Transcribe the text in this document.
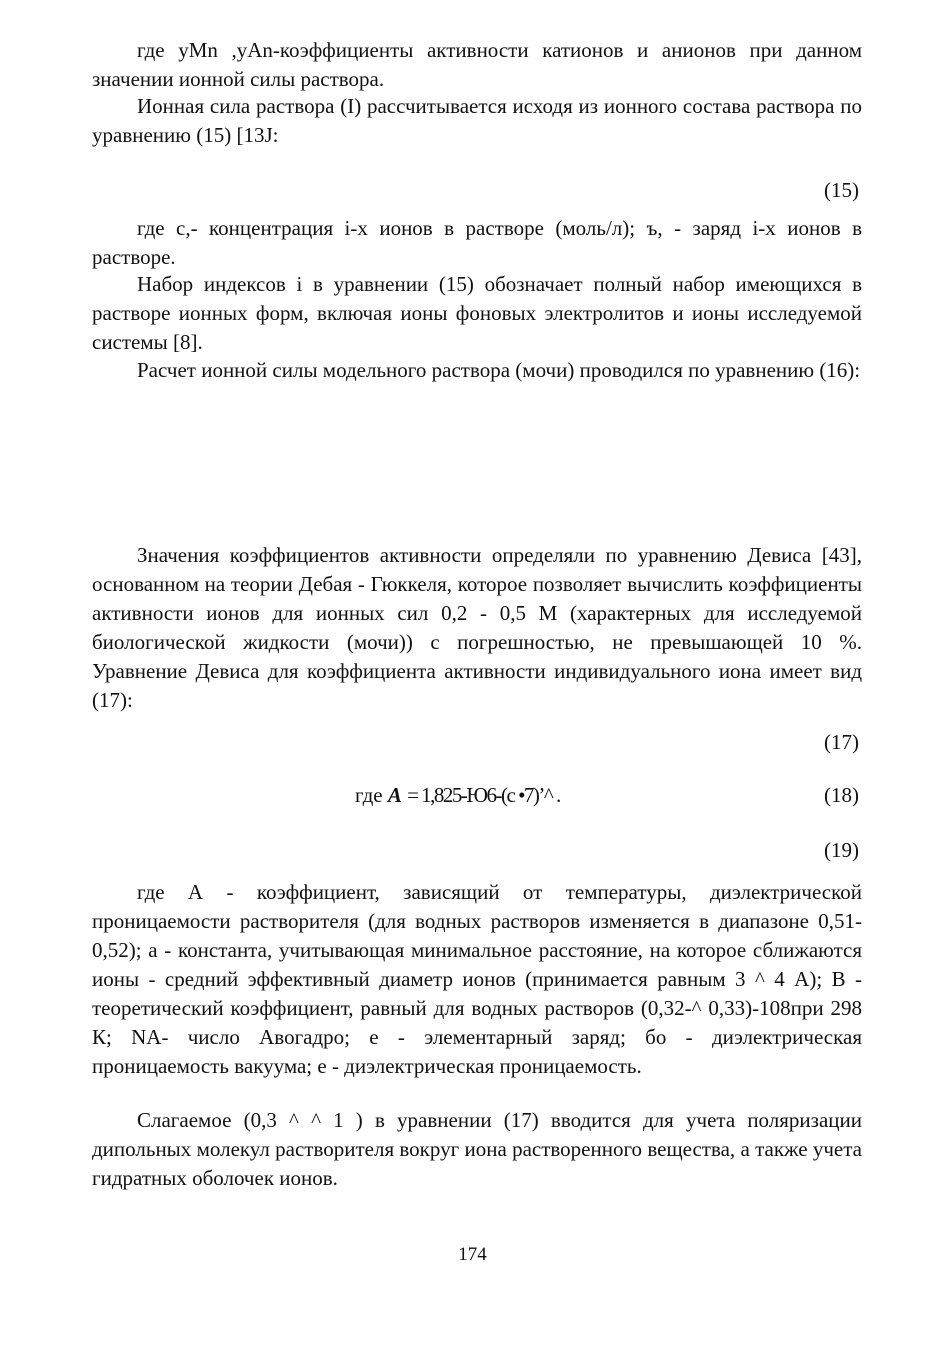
где yMn ,yAn-коэффициенты активности катионов и анионов при данном значении ионной силы раствора.

Ионная сила раствора (I) рассчитывается исходя из ионного состава раствора по уравнению (15) [13J:

(15)

где с,- концентрация i-х ионов в растворе (моль/л); ъ, - заряд i-x ионов в растворе.

Набор индексов i в уравнении (15) обозначает полный набор имеющихся в растворе ионных форм, включая ионы фоновых электролитов и ионы исследуемой системы [8].

Расчет ионной силы модельного раствора (мочи) проводился по уравнению (16):

Значения коэффициентов активности определяли по уравнению Девиса [43], основанном на теории Дебая - Гюккеля, которое позволяет вычислить коэффициенты активности ионов для ионных сил 0,2 - 0,5 М (характерных для исследуемой биологической жидкости (мочи)) с погрешностью, не превышающей 10 %. Уравнение Девиса для коэффициента активности индивидуального иона имеет вид (17):

(17)
где A = 1,825-Ю6-(с •7)’^ .	(18)
(19)

где А - коэффициент, зависящий от температуры, диэлектрической проницаемости растворителя (для водных растворов изменяется в диапазоне 0,51-0,52); а - константа, учитывающая минимальное расстояние, на которое сближаются ионы - средний эффективный диаметр ионов (принимается равным 3 ^ 4 А); В - теоретический коэффициент, равный для водных растворов (0,32-^ 0,33)-108при 298 К; NA- число Авогадро; е - элементарный заряд; бо - диэлектрическая проницаемость вакуума; е - диэлектрическая проницаемость.

Слагаемое (0,3 ^ ^ 1 ) в уравнении (17) вводится для учета поляризации дипольных молекул растворителя вокруг иона растворенного вещества, а также учета гидратных оболочек ионов.

174
